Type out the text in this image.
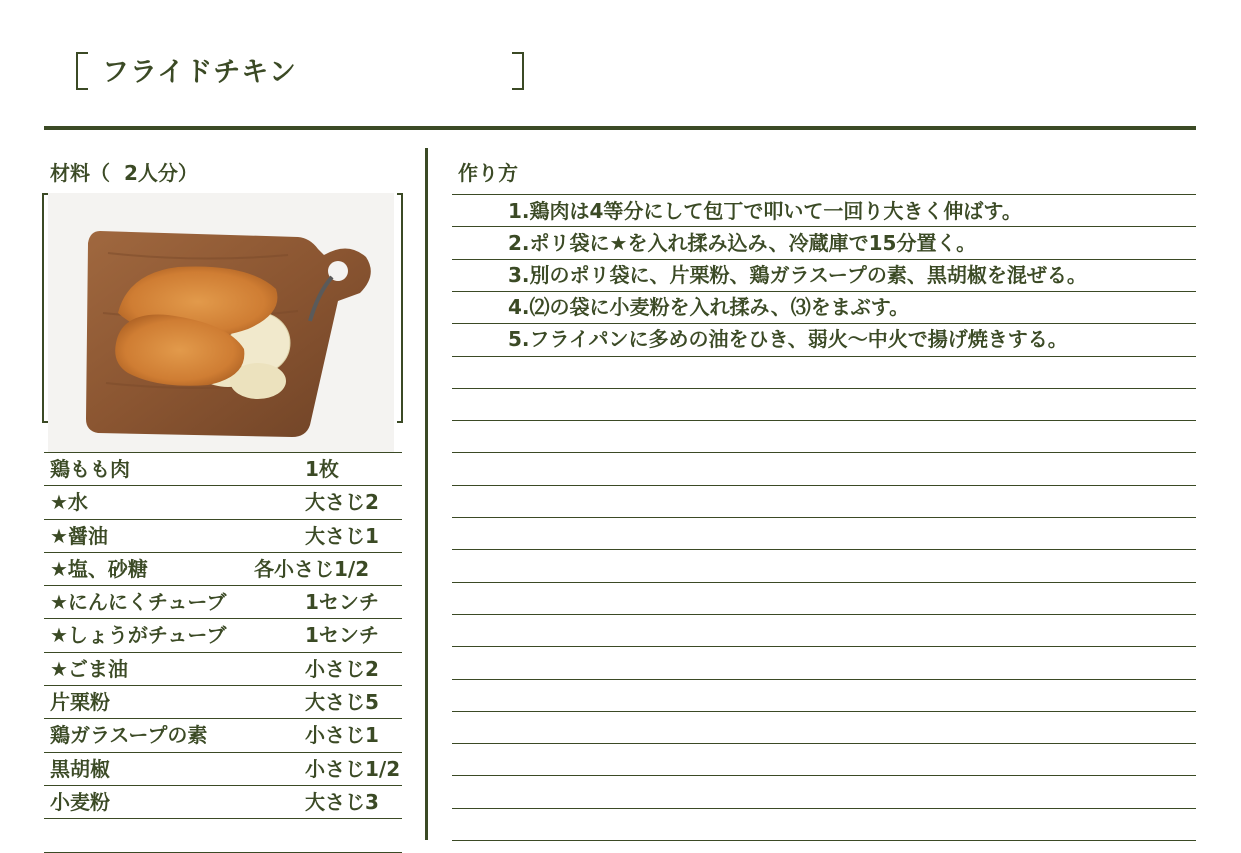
フライドチキン
材料（ 2人分）
鶏もも肉	1枚
★水	大さじ2
★醤油	大さじ1
★塩、砂糖	各小さじ1/2
★にんにくチューブ	1センチ
★しょうがチューブ	1センチ
★ごま油	小さじ2
片栗粉	大さじ5
鶏ガラスープの素	小さじ1
黒胡椒	小さじ1/2
小麦粉	大さじ3
作り方
1.鶏肉は4等分にして包丁で叩いて一回り大きく伸ばす。
2.ポリ袋に★を入れ揉み込み、冷蔵庫で15分置く。
3.別のポリ袋に、片栗粉、鶏ガラスープの素、黒胡椒を混ぜる。
4.⑵の袋に小麦粉を入れ揉み、⑶をまぶす。
5.フライパンに多めの油をひき、弱火〜中火で揚げ焼きする。
